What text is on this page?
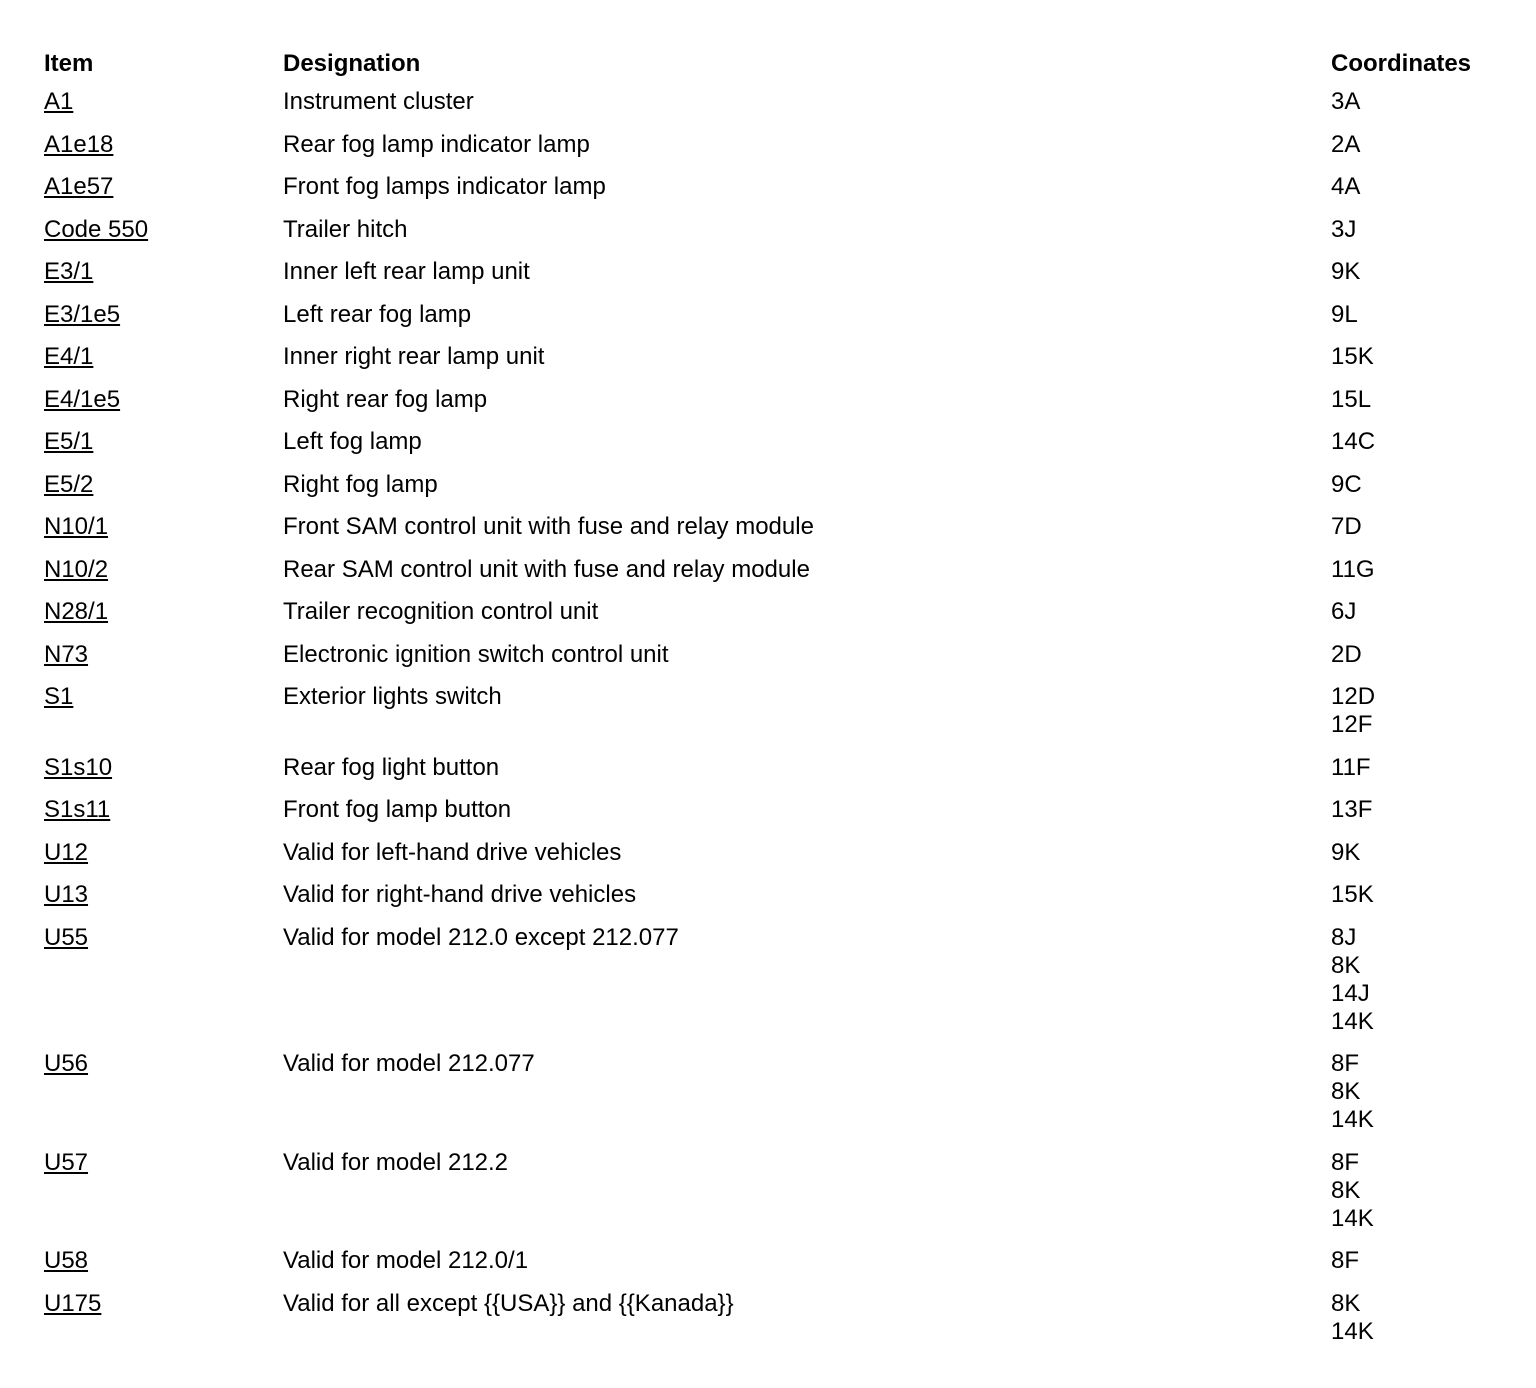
Item	Designation	Coordinates
A1	Instrument cluster	3A

A1e18	Rear fog lamp indicator lamp	2A

A1e57	Front fog lamps indicator lamp	4A

Code 550	Trailer hitch	3J

E3/1	Inner left rear lamp unit	9K

E3/1e5	Left rear fog lamp	9L

E4/1	Inner right rear lamp unit	15K

E4/1e5	Right rear fog lamp	15L

E5/1	Left fog lamp	14C

E5/2	Right fog lamp	9C

N10/1	Front SAM control unit with fuse and relay module	7D

N10/2	Rear SAM control unit with fuse and relay module	11G

N28/1	Trailer recognition control unit	6J

N73	Electronic ignition switch control unit	2D

S1	Exterior lights switch	12D
12F

S1s10	Rear fog light button	11F

S1s11	Front fog lamp button	13F

U12	Valid for left-hand drive vehicles	9K

U13	Valid for right-hand drive vehicles	15K

U55	Valid for model 212.0 except 212.077	8J
8K
14J
14K

U56	Valid for model 212.077	8F
8K
14K

U57	Valid for model 212.2	8F
8K
14K

U58	Valid for model 212.0/1	8F

U175	Valid for all except {{USA}} and {{Kanada}}	8K
14K
